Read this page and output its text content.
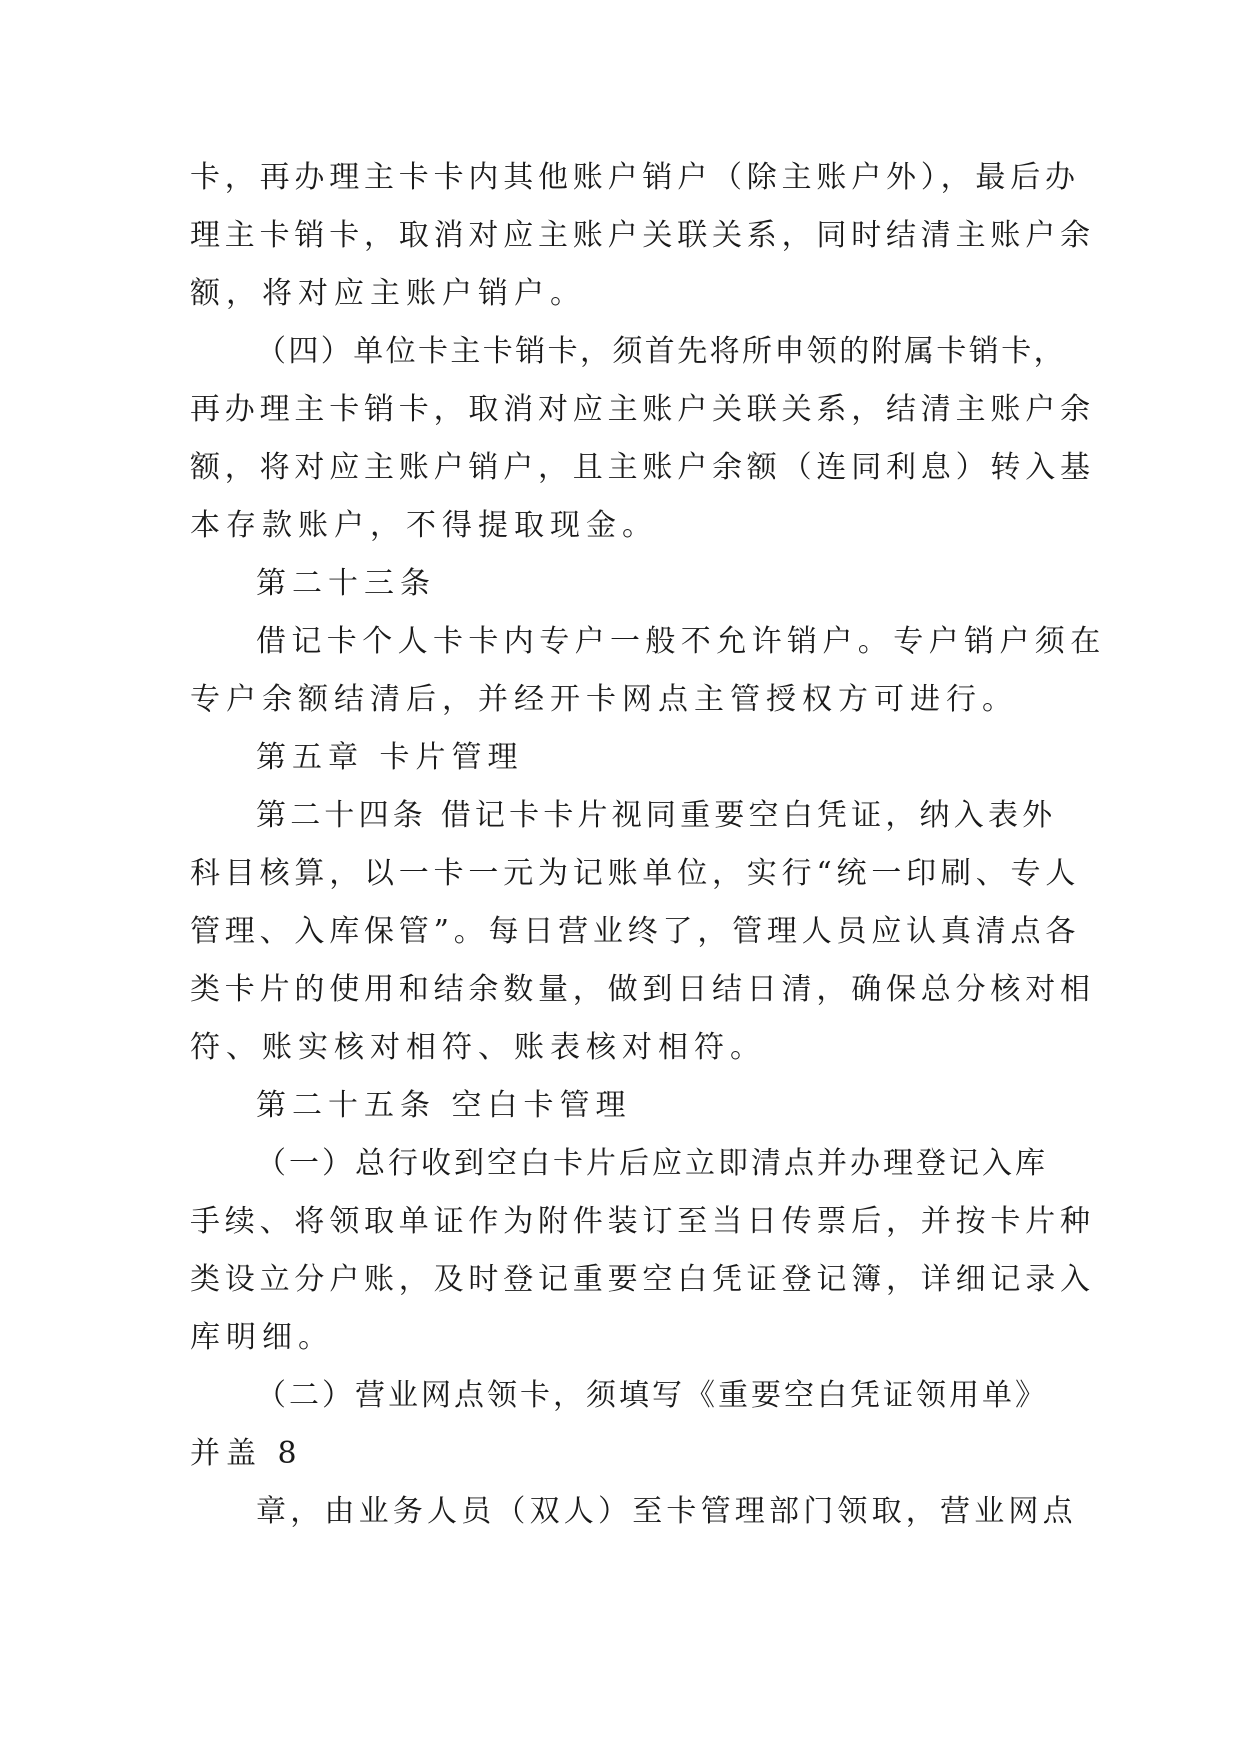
卡，再办理主卡卡内其他账户销户（除主账户外），最后办
理主卡销卡，取消对应主账户关联关系，同时结清主账户余
额，将对应主账户销户。
（四）单位卡主卡销卡，须首先将所申领的附属卡销卡，
再办理主卡销卡，取消对应主账户关联关系，结清主账户余
额，将对应主账户销户，且主账户余额（连同利息）转入基
本存款账户，不得提取现金。
第二十三条
借记卡个人卡卡内专户一般不允许销户。专户销户须在
专户余额结清后，并经开卡网点主管授权方可进行。
第五章 卡片管理
第二十四条 借记卡卡片视同重要空白凭证，纳入表外
科目核算，以一卡一元为记账单位，实行“统一印刷、专人
管理、入库保管”。每日营业终了，管理人员应认真清点各
类卡片的使用和结余数量，做到日结日清，确保总分核对相
符、账实核对相符、账表核对相符。
第二十五条 空白卡管理
（一）总行收到空白卡片后应立即清点并办理登记入库
手续、将领取单证作为附件装订至当日传票后，并按卡片种
类设立分户账，及时登记重要空白凭证登记簿，详细记录入
库明细。
（二）营业网点领卡，须填写《重要空白凭证领用单》
并盖 8
章，由业务人员（双人）至卡管理部门领取，营业网点
